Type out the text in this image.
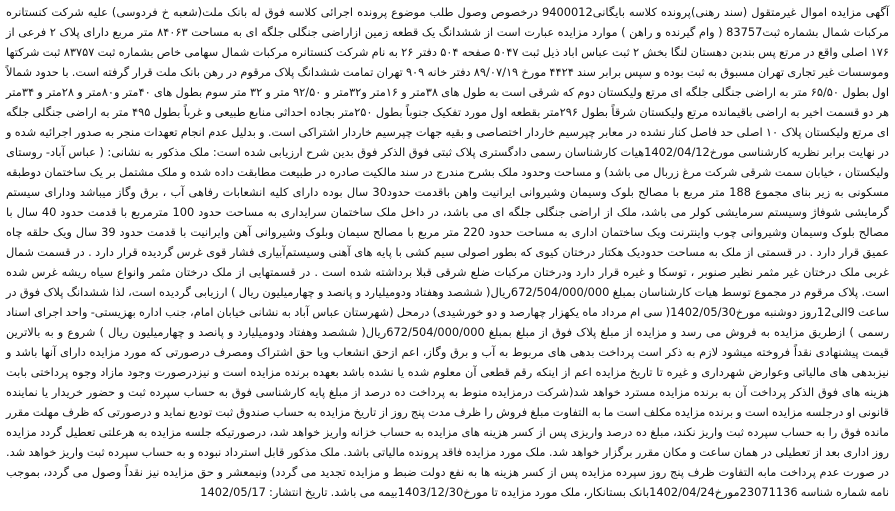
آگهی مزایده اموال غیرمتقول (سند رهنی)پرونده کلاسه بایگانی9400012 درخصوص وصول طلب موضوع پرونده اجرائی کلاسه فوق له بانک ملت(شعبه خ فردوسی) علیه شرکت کنستانره مرکبات شمال بشماره ثبت83757 ( وام گیرنده و راهن ) موارد مزایده عبارت است از ششدانگ یک قطعه زمین ازاراضی جنگلی جلگه ای به مساحت ۸۴۰۶۳ متر مربع دارای پلاک ۲ فرعی از ۱۷۶ اصلی واقع در مرتع پس بندبن دهستان لنگا بخش ۲ ثبت عباس اباد ذیل ثبت ۵۰۴۷ صفحه ۵۰۴ دفتر ۲۶ به نام شرکت کنستانره مرکبات شمال سهامی خاص بشماره ثبت ۸۳۷۵۷ ثبت شرکتها وموسسات غیر تجاری تهران مسبوق به ثبت بوده و سپس برابر سند ۴۴۲۴ مورخ ۸۹/۰۷/۱۹ دفتر خانه ۹۰۹ تهران تمامت ششدانگ پلاک مرقوم در رهن بانک ملت قرار گرفته است. با حدود شمالاً اول بطول ۶۵/۵۰ متر به اراضی جنگلی جلگه ای مرتع ولیکستان دوم که شرقی است به طول های ۳۸متر و ۱۶متر و۳۲متر و ۹۲/۵۰ متر و ۳۲ متر سوم بطول های ۴۰متر و۸۰متر و ۲۸متر و ۳۴متر هر دو قسمت اخیر به اراضی باقیمانده مرتع ولیکستان شرقاً بطول ۲۹۶متر بقطعه اول مورد تفکیک جنوباً بطول ۲۵۰متر بجاده احداثی منابع طبیعی و غرباً بطول ۴۹۵ متر به اراضی جنگلی جلگه ای مرتع ولیکستان پلاک ۱۰ اصلی حد فاصل کنار نشده در معابر چپرسیم خاردار اختصاصی و بقیه جهات چپرسیم خاردار اشتراکی است. و بدلیل عدم انجام تعهدات منجر به صدور اجرائیه شده و در نهایت برابر نظریه کارشناسی مورخ1402/04/12هیات کارشناسان رسمی دادگستری پلاک ثبتی فوق الذکر فوق بدین شرح ارزیابی شده است: ملک مذکور به نشانی: ( عباس آباد- روستای ولیکستان ، خیابان سمت شرقی شرکت مرغ زربال می باشد) و مساحت وحدود ملک بشرح مندرج در سند مالکیت صادره در طبیعت مطابقت داده شده و ملک مشتمل بر یک ساختمان دوطبقه مسکونی به زیر بنای مجموع 188 متر مربع با مصالح بلوک وسیمان وشیروانی ایرانیت واهن باقدمت حدود30 سال بوده دارای کلیه انشعابات رفاهی آب ، برق وگاز میباشد ودارای سیستم گرمایشی شوفاژ وسیستم سرمایشی کولر می باشد، ملک از اراضی جنگلی جلگه ای می باشد، در داخل ملک ساختمان سرایداری به مساحت حدود 100 مترمربع با قدمت حدود 40 سال با مصالح بلوک وسیمان وشیروانی چوب واینترنت ویک ساختمان اداری به مساحت حدود 220 متر مربع با مصالح سیمان وبلوک وشیروانی آهن وایرانیت با قدمت حدود 39 سال ویک حلقه چاه عمیق قرار دارد . در قسمتی از ملک به مساحت حدودیک هکتار درختان کیوی که بطور اصولی سیم کشی با پایه های آهنی وسیستم‌آبیاری فشار قوی غرس گردیده قرار دارد . در قسمت شمال غربی ملک درختان غیر مثمر نظیر صنوبر ، توسکا و غیره قرار دارد ودرختان مرکبات ضلع شرقی قبلا برداشته شده است . در قسمتهایی از ملک درختان مثمر وانواع سیاه ریشه غرس شده است. پلاک مرقوم در مجموع توسط هیات کارشناسان بمبلغ 672/504/000/000ریال( ششصد وهفتاد ودومیلیارد و پانصد و چهارمیلیون ریال ) ارزیابی گردیده است، لذا ششدانگ پلاک فوق در ساعت 9الی12روز دوشنبه مورخ1402/05/30( سی ام مرداد ماه یکهزار چهارصد و دو خورشیدی) درمحل (شهرستان عباس آباد به نشانی خیابان امام، جنب اداره بهزیستی- واحد اجرای اسناد رسمی ) ازطریق مزایده به فروش می رسد و مزایده از مبلغ پلاک فوق از مبلغ بمبلغ 672/504/000/000ریال( ششصد وهفتاد ودومیلیارد و پانصد و چهارمیلیون ریال ) شروع و به بالاترین قیمت پیشنهادی نقداً فروخته میشود لازم به ذکر است پرداخت بدهی های مربوط به آب و برق وگاز، اعم ازحق انشعاب ویا حق اشتراک ومصرف درصورتی که مورد مزایده دارای آنها باشد و نیزبدهی های مالیاتی وعوارض شهرداری و غیره تا تاریخ مزایده اعم از اینکه رقم قطعی آن معلوم شده یا نشده باشد بعهده برنده مزایده است و نیزدرصورت وجود مازاد وجوه پرداختی بابت هزینه های فوق الذکر پرداخت آن به برنده مزایده مسترد خواهد شد(شرکت درمزایده منوط به پرداخت ده درصد از مبلغ پایه کارشناسی فوق به حساب سپرده ثبت و حضور خریدار یا نماینده قانونی او درجلسه مزایده است و برنده مزایده مکلف است ما به التفاوت مبلغ فروش را ظرف مدت پنج روز از تاریخ مزایده به حساب صندوق ثبت تودیع نماید و درصورتی که ظرف مهلت مقرر مانده فوق را به حساب سپرده ثبت واریز نکند، مبلغ ده درصد واریزی پس از کسر هزینه های مزایده به حساب خزانه واریز خواهد شد، درصورتیکه جلسه مزایده به هرعلتی تعطیل گردد مزایده روز اداری بعد از تعطیلی در همان ساعت و مکان مقرر برگزار خواهد شد. ملک مورد مزایده فاقد پرونده مالیاتی باشد. ملک مذکور قابل استرداد نبوده و به حساب سپرده ثبت واریز خواهد شد. در صورت عدم پرداخت مابه التفاوت ظرف پنج روز سپرده مزایده پس از کسر هزینه ها به نفع دولت ضبط و مزایده تجدید می گردد) ونیمعشر و حق مزایده نیز نقداً وصول می گردد، بموجب نامه شماره شناسه 23071136مورخ1402/04/24بانک بستانکار، ملک مورد مزایده تا مورخ1403/12/30بیمه می باشد. تاریخ انتشار: 1402/05/17
